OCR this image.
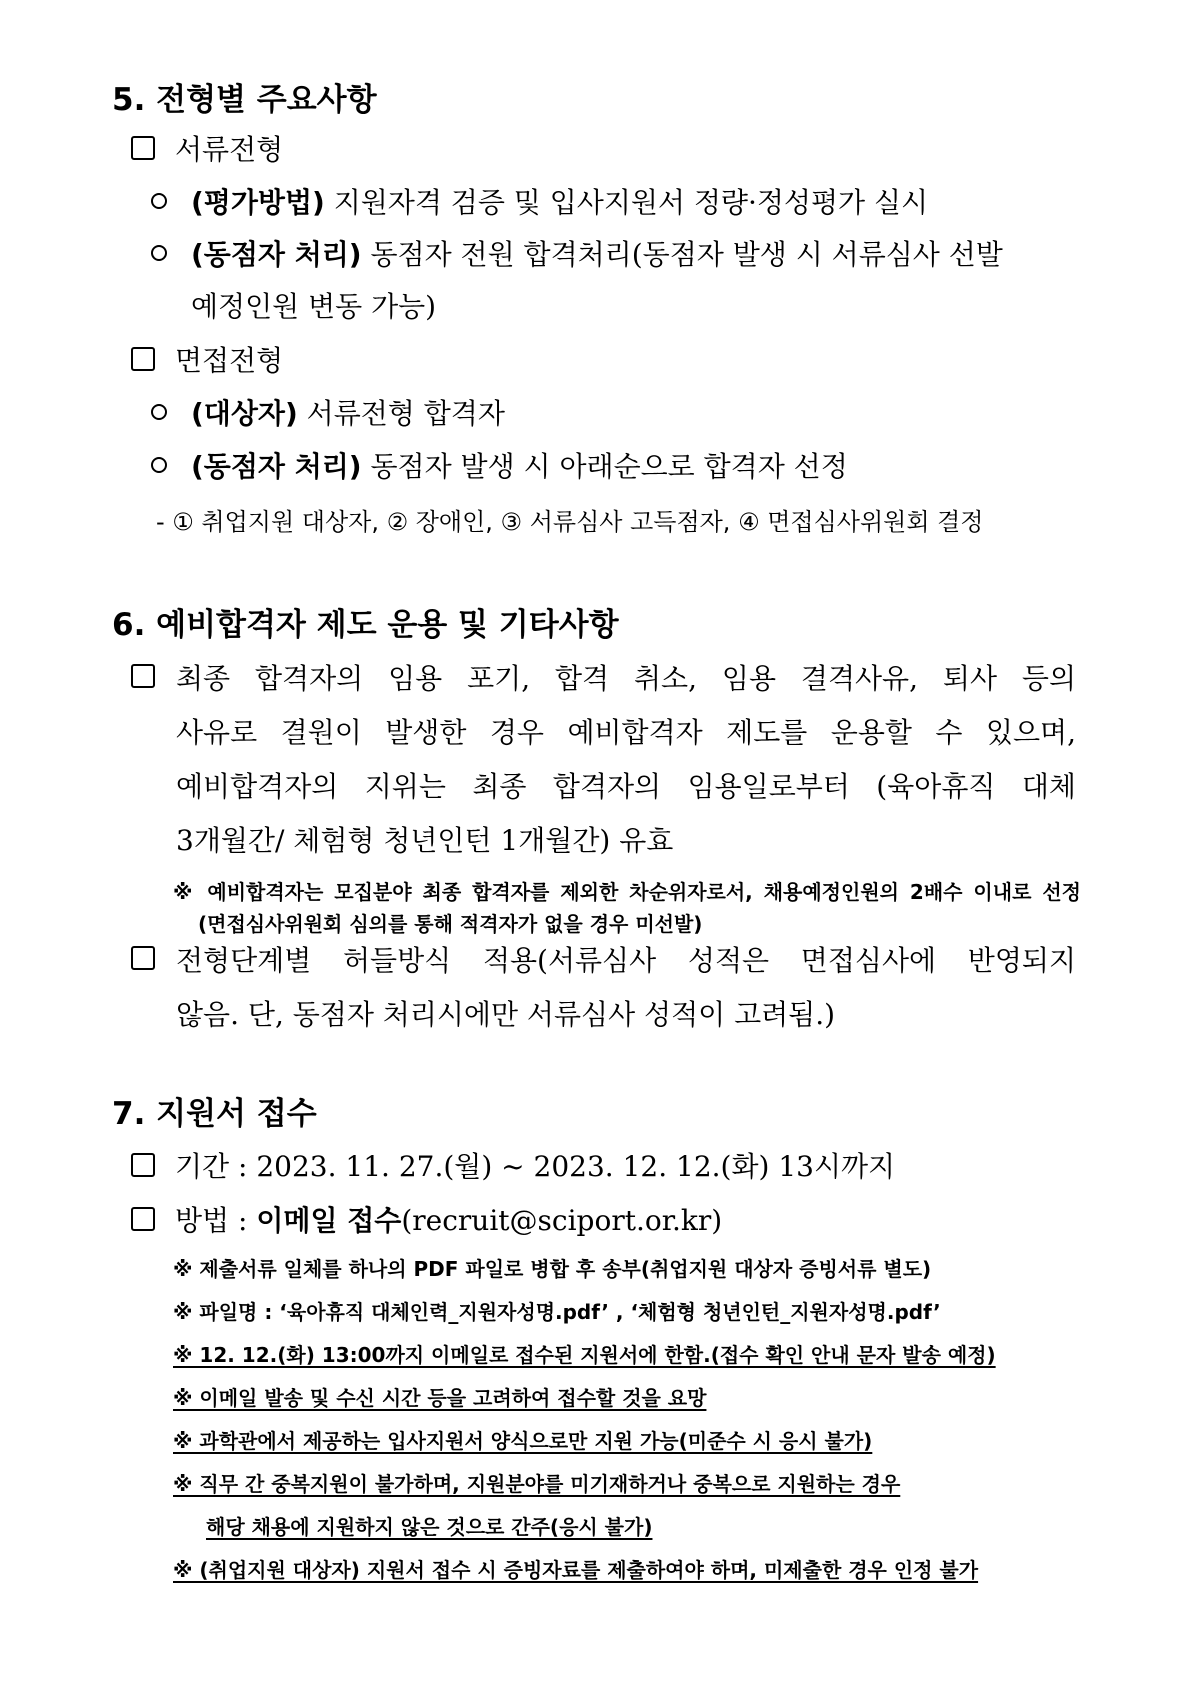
5. 전형별 주요사항
서류전형
(평가방법) 지원자격 검증 및 입사지원서 정량·정성평가 실시
(동점자 처리) 동점자 전원 합격처리(동점자 발생 시 서류심사 선발
예정인원 변동 가능)
면접전형
(대상자) 서류전형 합격자
(동점자 처리) 동점자 발생 시 아래순으로 합격자 선정
- ① 취업지원 대상자, ② 장애인, ③ 서류심사 고득점자, ④ 면접심사위원회 결정
6. 예비합격자 제도 운용 및 기타사항
최종 합격자의 임용 포기, 합격 취소, 임용 결격사유, 퇴사 등의
사유로 결원이 발생한 경우 예비합격자 제도를 운용할 수 있으며,
예비합격자의 지위는 최종 합격자의 임용일로부터 (육아휴직 대체
3개월간/ 체험형 청년인턴 1개월간) 유효
※ 예비합격자는 모집분야 최종 합격자를 제외한 차순위자로서, 채용예정인원의 2배수 이내로 선정
(면접심사위원회 심의를 통해 적격자가 없을 경우 미선발)
전형단계별 허들방식 적용(서류심사 성적은 면접심사에 반영되지
않음. 단, 동점자 처리시에만 서류심사 성적이 고려됨.)
7. 지원서 접수
기간 : 2023. 11. 27.(월) ~ 2023. 12. 12.(화) 13시까지
방법 : 이메일 접수(recruit@sciport.or.kr)
※ 제출서류 일체를 하나의 PDF 파일로 병합 후 송부(취업지원 대상자 증빙서류 별도)
※ 파일명 : ‘육아휴직 대체인력_지원자성명.pdf’ , ‘체험형 청년인턴_지원자성명.pdf’
※ 12. 12.(화) 13:00까지 이메일로 접수된 지원서에 한함.(접수 확인 안내 문자 발송 예정)
※ 이메일 발송 및 수신 시간 등을 고려하여 접수할 것을 요망
※ 과학관에서 제공하는 입사지원서 양식으로만 지원 가능(미준수 시 응시 불가)
※ 직무 간 중복지원이 불가하며, 지원분야를 미기재하거나 중복으로 지원하는 경우
해당 채용에 지원하지 않은 것으로 간주(응시 불가)
※ (취업지원 대상자) 지원서 접수 시 증빙자료를 제출하여야 하며, 미제출한 경우 인정 불가
